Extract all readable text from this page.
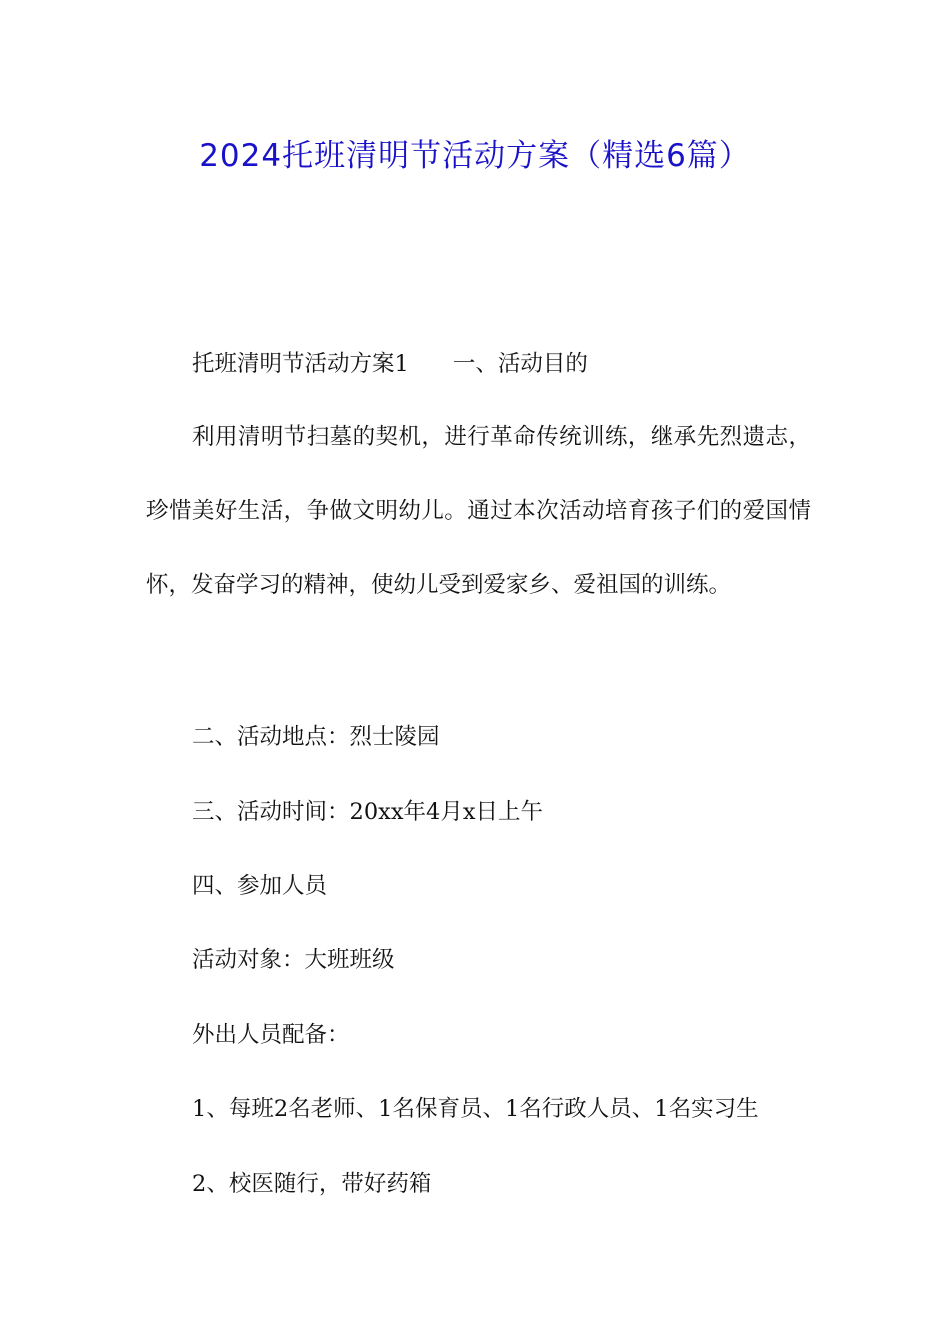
2024托班清明节活动方案（精选6篇）

托班清明节活动方案1 一、活动目的

利用清明节扫墓的契机，进行革命传统训练，继承先烈遗志，珍惜美好生活，争做文明幼儿。通过本次活动培育孩子们的爱国情怀，发奋学习的精神，使幼儿受到爱家乡、爱祖国的训练。

二、活动地点：烈士陵园

三、活动时间：20xx年4月x日上午

四、参加人员

活动对象：大班班级

外出人员配备：

1、每班2名老师、1名保育员、1名行政人员、1名实习生

2、校医随行，带好药箱
